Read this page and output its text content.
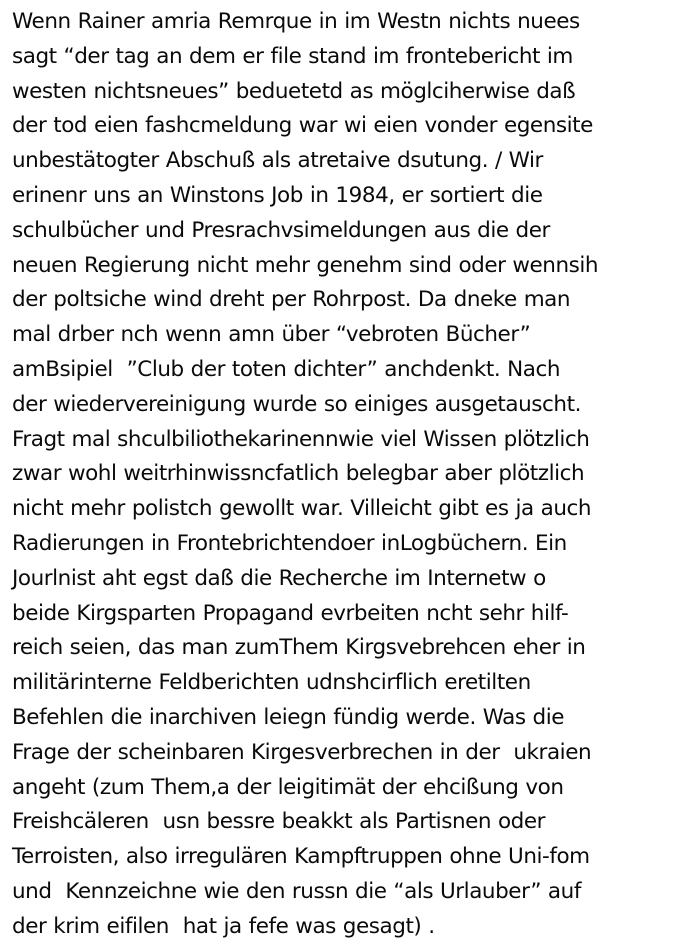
Wenn Rainer amria Remrque in im Westn nichts nuees
sagt “der tag an dem er file stand im frontebericht im
westen nichtsneues” beduetetd as möglciherwise daß
der tod eien fashcmeldung war wi eien vonder egensite
unbestätogter Abschuß als atretaive dsutung. / Wir
erinenr uns an Winstons Job in 1984, er sortiert die
schulbücher und Presrachvsimeldungen aus die der
neuen Regierung nicht mehr genehm sind oder wennsih
der poltsiche wind dreht per Rohrpost. Da dneke man
mal drber nch wenn amn über “vebroten Bücher”
amBsipiel  ”Club der toten dichter” anchdenkt. Nach
der wiedervereinigung wurde so einiges ausgetauscht.
Fragt mal shculbiliothekarinennwie viel Wissen plötzlich
zwar wohl weitrhinwissncfatlich belegbar aber plötzlich
nicht mehr polistch gewollt war. Villeicht gibt es ja auch
Radierungen in Frontebrichtendoer inLogbüchern. Ein
Jourlnist aht egst daß die Recherche im Internetw o
beide Kirgsparten Propagand evrbeiten ncht sehr hilf-
reich seien, das man zumThem Kirgsvebrehcen eher in
militärinterne Feldberichten udnshcirflich eretilten
Befehlen die inarchiven leiegn fündig werde. Was die
Frage der scheinbaren Kirgesverbrechen in der  ukraien
angeht (zum Them,a der leigitimät der ehcißung von
Freishcäleren  usn bessre beakkt als Partisnen oder
Terroisten, also irregulären Kampftruppen ohne Uni-fom
und  Kennzeichne wie den russn die “als Urlauber” auf
der krim eifilen  hat ja fefe was gesagt) .
